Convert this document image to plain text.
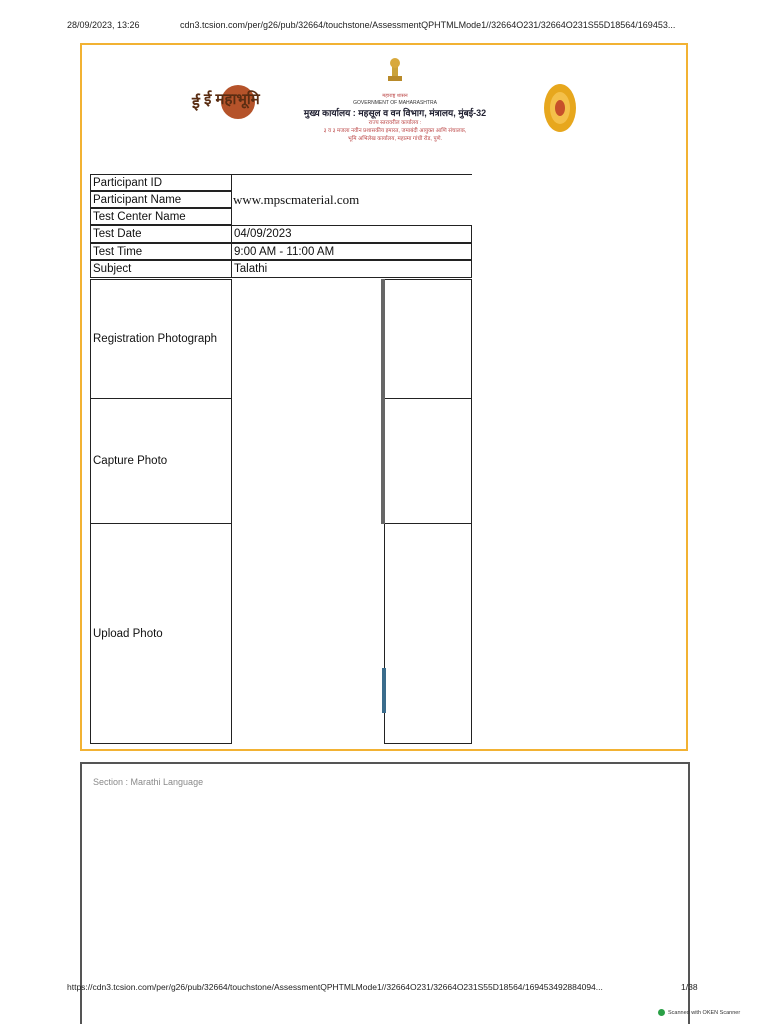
28/09/2023, 13:26	cdn3.tcsion.com/per/g26/pub/32664/touchstone/AssessmentQPHTMLMode1//32664O231/32664O231S55D18564/169453...
ई ई महाभूमि	महाराष्ट्र शासन
GOVERNMENT OF MAHARASHTRA
मुख्य कार्यालय : महसूल व वन विभाग, मंत्रालय, मुंबई-32
राज्य स्तरावरील कार्यालय :
३ व ३ मजला नवीन प्रशासकीय इमारत, जमाबंदी आयुक्त आणि संचालक,
भूमि अभिलेख कार्यालय, महात्मा गांधी रोड, पुणे.
Participant ID
Participant Name	www.mpscmaterial.com
Test Center Name
Test Date	04/09/2023
Test Time	9:00 AM - 11:00 AM
Subject	Talathi
Registration Photograph
Capture Photo
Upload Photo
Section : Marathi Language
https://cdn3.tcsion.com/per/g26/pub/32664/touchstone/AssessmentQPHTMLMode1//32664O231/32664O231S55D18564/16945349288409​4...	1/38
Scanned with OKEN Scanner
